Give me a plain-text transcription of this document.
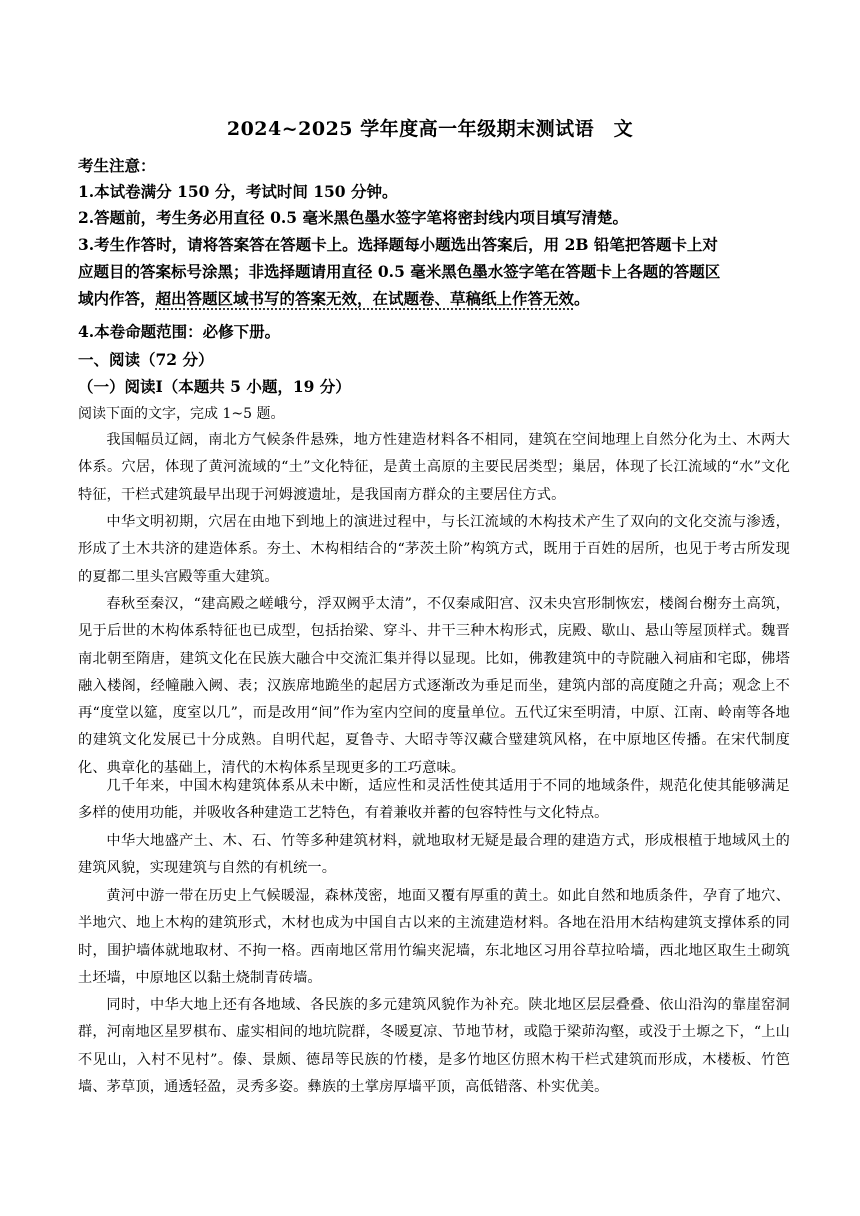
2024~2025 学年度高一年级期末测试语　文
考生注意：
1.本试卷满分 150 分，考试时间 150 分钟。
2.答题前，考生务必用直径 0.5 毫米黑色墨水签字笔将密封线内项目填写清楚。
3.考生作答时，请将答案答在答题卡上。选择题每小题选出答案后，用 2B 铅笔把答题卡上对
应题目的答案标号涂黑；非选择题请用直径 0.5 毫米黑色墨水签字笔在答题卡上各题的答题区
域内作答，超出答题区域书写的答案无效，在试题卷、草稿纸上作答无效。
4.本卷命题范围：必修下册。
一、阅读（72 分）
（一）阅读Ⅰ（本题共 5 小题，19 分）
阅读下面的文字，完成 1~5 题。
我国幅员辽阔，南北方气候条件悬殊，地方性建造材料各不相同，建筑在空间地理上自然分化为土、木两大体系。穴居，体现了黄河流域的“土”文化特征，是黄土高原的主要民居类型；巢居，体现了长江流域的“水”文化特征，干栏式建筑最早出现于河姆渡遗址，是我国南方群众的主要居住方式。
中华文明初期，穴居在由地下到地上的演进过程中，与长江流域的木构技术产生了双向的文化交流与渗透，形成了土木共济的建造体系。夯土、木构相结合的“茅茨土阶”构筑方式，既用于百姓的居所，也见于考古所发现的夏都二里头宫殿等重大建筑。
春秋至秦汉，“建高殿之嵯峨兮，浮双阙乎太清”，不仅秦咸阳宫、汉未央宫形制恢宏，楼阁台榭夯土高筑，见于后世的木构体系特征也已成型，包括抬梁、穿斗、井干三种木构形式，庑殿、歇山、悬山等屋顶样式。魏晋南北朝至隋唐，建筑文化在民族大融合中交流汇集并得以显现。比如，佛教建筑中的寺院融入祠庙和宅邸，佛塔融入楼阁，经幢融入阙、表；汉族席地跪坐的起居方式逐渐改为垂足而坐，建筑内部的高度随之升高；观念上不再“度堂以筵，度室以几”，而是改用“间”作为室内空间的度量单位。五代辽宋至明清，中原、江南、岭南等各地的建筑文化发展已十分成熟。自明代起，夏鲁寺、大昭寺等汉藏合璧建筑风格，在中原地区传播。在宋代制度化、典章化的基础上，清代的木构体系呈现更多的工巧意味。
几千年来，中国木构建筑体系从未中断，适应性和灵活性使其适用于不同的地域条件，规范化使其能够满足多样的使用功能，并吸收各种建造工艺特色，有着兼收并蓄的包容特性与文化特点。
中华大地盛产土、木、石、竹等多种建筑材料，就地取材无疑是最合理的建造方式，形成根植于地域风土的建筑风貌，实现建筑与自然的有机统一。
黄河中游一带在历史上气候暖湿，森林茂密，地面又覆有厚重的黄土。如此自然和地质条件，孕育了地穴、半地穴、地上木构的建筑形式，木材也成为中国自古以来的主流建造材料。各地在沿用木结构建筑支撑体系的同时，围护墙体就地取材、不拘一格。西南地区常用竹编夹泥墙，东北地区习用谷草拉哈墙，西北地区取生土砌筑土坯墙，中原地区以黏土烧制青砖墙。
同时，中华大地上还有各地域、各民族的多元建筑风貌作为补充。陕北地区层层叠叠、依山沿沟的靠崖窑洞群，河南地区星罗棋布、虚实相间的地坑院群，冬暖夏凉、节地节材，或隐于梁茆沟壑，或没于土塬之下，“上山不见山，入村不见村”。傣、景颇、德昂等民族的竹楼，是多竹地区仿照木构干栏式建筑而形成，木楼板、竹笆墙、茅草顶，通透轻盈，灵秀多姿。彝族的土掌房厚墙平顶，高低错落、朴实优美。
